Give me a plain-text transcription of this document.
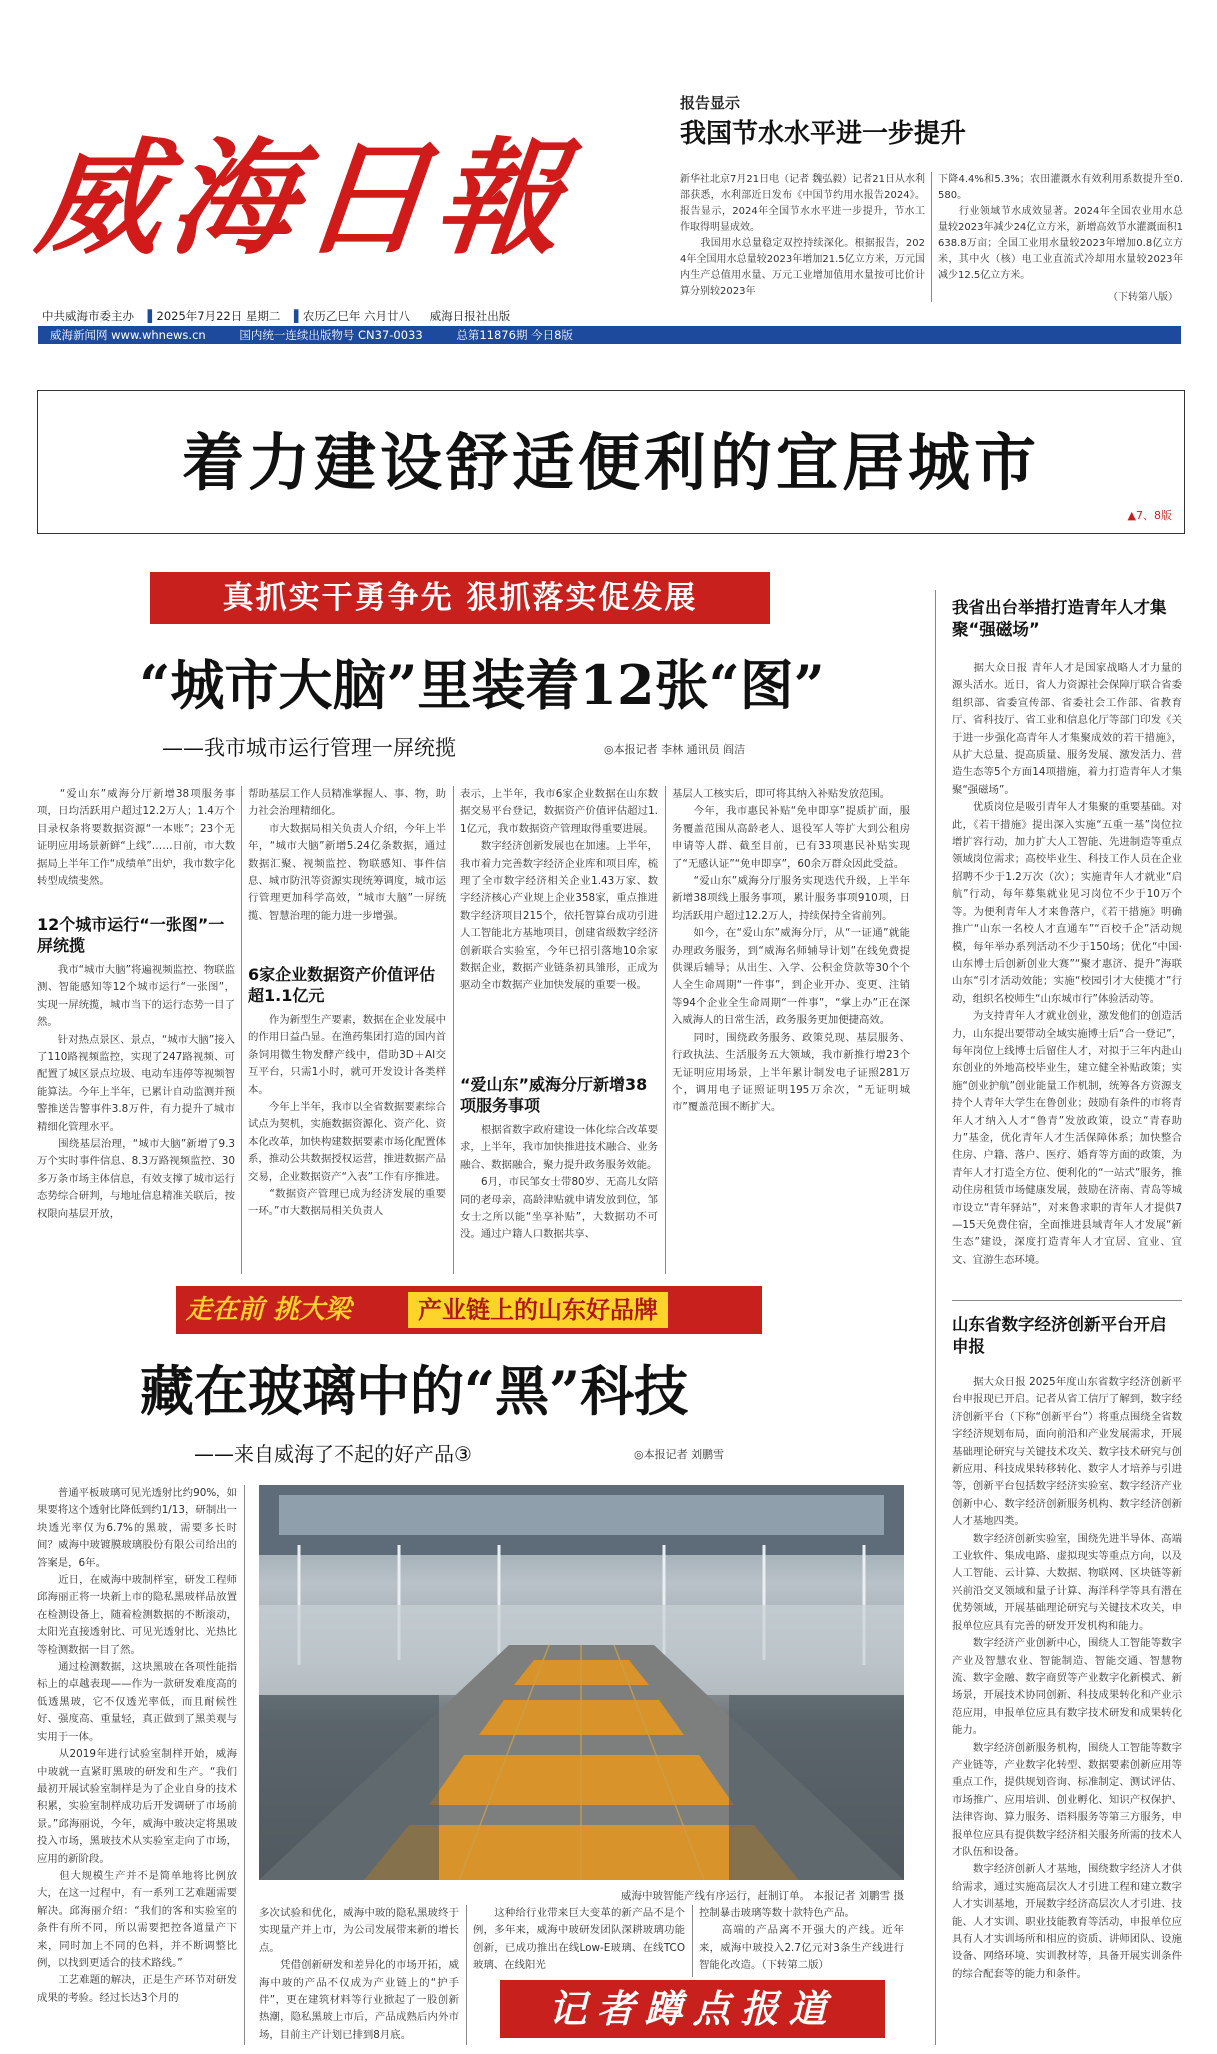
威海日報
报告显示
我国节水水平进一步提升
新华社北京7月21日电（记者 魏弘毅）记者21日从水利部获悉，水利部近日发布《中国节约用水报告2024》。报告显示，2024年全国节水水平进一步提升，节水工作取得明显成效。
　　我国用水总量稳定双控持续深化。根据报告，2024年全国用水总量较2023年增加21.5亿立方米，万元国内生产总值用水量、万元工业增加值用水量按可比价计算分别较2023年
下降4.4%和5.3%；农田灌溉水有效利用系数提升至0.580。
　　行业领域节水成效显著。2024年全国农业用水总量较2023年减少24亿立方米，新增高效节水灌溉面积1638.8万亩；全国工业用水量较2023年增加0.8亿立方米，其中火（核）电工业直流式冷却用水量较2023年减少12.5亿立方米。
（下转第八版）
中共威海市委主办 ▌2025年7月22日 星期二 ▌农历乙巳年 六月廿八 威海日报社出版
威海新闻网 www.whnews.cn	国内统一连续出版物号 CN37-0033	总第11876期 今日8版
着力建设舒适便利的宜居城市
▲7、8版
真抓实干勇争先 狠抓落实促发展
“城市大脑”里装着12张“图”
——我市城市运行管理一屏统揽	◎本报记者 李林 通讯员 阎洁
　　“爱山东”威海分厅新增38项服务事项，日均活跃用户超过12.2万人；1.4万个目录权条将要数据资源“一本账”；23个无证明应用场景新鲜“上线”……日前，市大数据局上半年工作“成绩单”出炉，我市数字化转型成绩斐然。
12个城市运行“一张图”一屏统揽
　　我市“城市大脑”将遍视频监控、物联监测、智能感知等12个城市运行“一张图”，实现一屏统揽，城市当下的运行态势一目了然。
　　针对热点景区、景点，“城市大脑”接入了110路视频监控，实现了247路视频、可配置了城区景点垃圾、电动车违停等视频智能算法。今年上半年，已累计自动监测并预警推送告警事件3.8万件，有力提升了城市精细化管理水平。
　　围绕基层治理，“城市大脑”新增了9.3万个实时事件信息、8.3万路视频监控、30多万条市场主体信息，有效支撑了城市运行态势综合研判，与地址信息精准关联后，按权限向基层开放，
帮助基层工作人员精准掌握人、事、物，助力社会治理精细化。
　　市大数据局相关负责人介绍，今年上半年，“城市大脑”新增5.24亿条数据，通过数据汇聚、视频监控、物联感知、事件信息、城市防汛等资源实现统筹调度，城市运行管理更加科学高效，“城市大脑”一屏统揽、智慧治理的能力进一步增强。
6家企业数据资产价值评估超1.1亿元
　　作为新型生产要素，数据在企业发展中的作用日益凸显。在渔药集团打造的国内首条饲用微生物发酵产线中，借助3D＋AI交互平台，只需1小时，就可开发设计各类样本。
　　今年上半年，我市以全省数据要素综合试点为契机，实施数据资源化、资产化、资本化改革，加快构建数据要素市场化配置体系，推动公共数据授权运营，推进数据产品交易，企业数据资产“入表”工作有序推进。
　　“数据资产管理已成为经济发展的重要一环。”市大数据局相关负责人
表示，上半年，我市6家企业数据在山东数据交易平台登记，数据资产价值评估超过1.1亿元，我市数据资产管理取得重要进展。
　　数字经济创新发展也在加速。上半年，我市着力完善数字经济企业库和项目库，梳理了全市数字经济相关企业1.43万家、数字经济核心产业规上企业358家，重点推进数字经济项目215个，依托智算台成功引进人工智能北方基地项目，创建省级数字经济创新联合实验室，今年已招引落地10余家数据企业，数据产业链条初具雏形，正成为驱动全市数据产业加快发展的重要一极。
“爱山东”威海分厅新增38项服务事项
　　根据省数字政府建设一体化综合改革要求，上半年，我市加快推进技术融合、业务融合、数据融合，聚力提升政务服务效能。
　　6月，市民邹女士带80岁、无高儿女陪同的老母亲，高龄津贴就申请发放到位，邹女士之所以能“坐享补贴”，大数据功不可没。通过户籍人口数据共享、
基层人工核实后，即可将其纳入补贴发放范围。
　　今年，我市惠民补贴“免申即享”提质扩面，服务覆盖范围从高龄老人、退役军人等扩大到公租房申请等人群、截至目前，已有33项惠民补贴实现了“无感认证”“免申即享”，60余万群众因此受益。
　　“爱山东”威海分厅服务实现迭代升级，上半年新增38项线上服务事项，累计服务事项910项，日均活跃用户超过12.2万人，持续保持全省前列。
　　如今，在“爱山东”威海分厅，从“一证通”就能办理政务服务，到“威海名师辅导计划”在线免费提供课后辅导；从出生、入学、公积金贷款等30个个人全生命周期“一件事”，到企业开办、变更、注销等94个企业全生命周期“一件事”，“掌上办”正在深入威海人的日常生活，政务服务更加便捷高效。
　　同时，围绕政务服务、政策兑现、基层服务、行政执法、生活服务五大领域，我市新推行增23个无证明应用场景，上半年累计制发电子证照281万个，调用电子证照证明195万余次，“无证明城市”覆盖范围不断扩大。
走在前 挑大梁	产业链上的山东好品牌
藏在玻璃中的“黑”科技
——来自威海了不起的好产品③	◎本报记者 刘鹏雪
　　普通平板玻璃可见光透射比约90%，如果要将这个透射比降低到约1/13，研制出一块透光率仅为6.7%的黑玻，需要多长时间？威海中玻镀膜玻璃股份有限公司给出的答案是，6年。
　　近日，在威海中玻制样室，研发工程师邱海丽正将一块新上市的隐私黑玻样品放置在检测设备上，随着检测数据的不断滚动，太阳光直接透射比、可见光透射比、光热比等检测数据一目了然。
　　通过检测数据，这块黑玻在各项性能指标上的卓越表现——作为一款研发难度高的低透黑玻，它不仅透光率低，而且耐候性好、强度高、重量轻，真正做到了黑美观与实用于一体。
　　从2019年进行试验室制样开始，威海中玻就一直紧盯黑玻的研发和生产。“我们最初开展试验室制样是为了企业自身的技术积累，实验室制样成功后开发调研了市场前景。”邱海丽说，今年，威海中玻决定将黑玻投入市场，黑玻技术从实验室走向了市场，应用的新阶段。
　　但大规模生产并不是简单地将比例放大，在这一过程中，有一系列工艺难题需要解决。邱海丽介绍：“我们的客和实验室的条件有所不同，所以需要把控各道量产下来，同时加上不同的色料，并不断调整比例，以找到更适合的技术路线。”
　　工艺难题的解决，正是生产环节对研发成果的考验。经过长达3个月的
威海中玻智能产线有序运行，赶制订单。 本报记者 刘鹏雪 摄
多次试验和优化，威海中玻的隐私黑玻终于实现量产并上市，为公司发展带来新的增长点。
　　凭借创新研发和差异化的市场开拓，威海中玻的产品不仅成为产业链上的“护手伴”，更在建筑材料等行业掀起了一股创新热潮，隐私黑玻上市后，产品成熟后内外市场，目前主产计划已排到8月底。
　　这种给行业带来巨大变革的新产品不是个例，多年来，威海中玻研发团队深耕玻璃功能创新，已成功推出在线Low-E玻璃、在线TCO玻璃、在线阳光
控制暴击玻璃等数十款特色产品。
　　高端的产品离不开强大的产线。近年来，威海中玻投入2.7亿元对3条生产线进行智能化改造。（下转第二版）
记者蹲点报道
我省出台举措打造青年人才集聚“强磁场”
　　据大众日报 青年人才是国家战略人才力量的源头活水。近日，省人力资源社会保障厅联合省委组织部、省委宣传部、省委社会工作部、省教育厅、省科技厅、省工业和信息化厅等部门印发《关于进一步强化高青年人才集聚成效的若干措施》，从扩大总量、提高质量、服务发展、激发活力、营造生态等5个方面14项措施，着力打造青年人才集聚“强磁场”。
　　优质岗位是吸引青年人才集聚的重要基础。对此，《若干措施》提出深入实施“五重一基”岗位拉增扩容行动，加力扩大人工智能、先进制造等重点领域岗位需求；高校毕业生、科技工作人员在企业招聘不少于1.2万次（次）；实施青年人才就业“启航”行动，每年募集就业见习岗位不少于10万个等。为便利青年人才来鲁落户，《若干措施》明确推广“山东一名校人才直通车”“百校千企”活动规模，每年举办系列活动不少于150场；优化“中国·山东博士后创新创业大赛”“聚才惠济、提升”海联山东“引才活动效能；实施“校园引才大使揽才”行动，组织名校师生“山东城市行”体验活动等。
　　为支持青年人才就业创业，激发他们的创造活力，山东提出要带动全域实施博士后“合一登记”，每年岗位上线博士后留住人才，对拟于三年内赴山东创业的外地高校毕业生，建立健全补贴政策；实施“创业护航”创业能量工作机制，统筹各方资源支持个人青年大学生在鲁创业；鼓励有条件的市将青年人才纳入人才“鲁青”发放政策，设立“青春助力”基金，优化青年人才生活保障体系；加快整合住房、户籍、落户、医疗、婚育等方面的政策，为青年人才打造全方位、便利化的“一站式”服务，推动住房租赁市场健康发展，鼓励在济南、青岛等城市设立“青年驿站”，对来鲁求职的青年人才提供7—15天免费住宿，全面推进县域青年人才发展“新生态”建设，深度打造青年人才宜居、宜业、宜文、宜游生态环境。
山东省数字经济创新平台开启申报
　　据大众日报 2025年度山东省数字经济创新平台申报现已开启。记者从省工信厅了解到，数字经济创新平台（下称“创新平台”）将重点围绕全省数字经济规划布局，面向前沿和产业发展需求，开展基础理论研究与关键技术攻关、数字技术研究与创新应用、科技成果转移转化、数字人才培养与引进等，创新平台包括数字经济实验室、数字经济产业创新中心、数字经济创新服务机构、数字经济创新人才基地四类。
　　数字经济创新实验室，围绕先进半导体、高端工业软件、集成电路、虚拟现实等重点方向，以及人工智能、云计算、大数据、物联网、区块链等新兴前沿交叉领域和量子计算、海洋科学等具有潜在优势领域，开展基础理论研究与关键技术攻关，申报单位应具有完善的研发开发机构和能力。
　　数字经济产业创新中心，围绕人工智能等数字产业及智慧农业、智能制造、智能交通、智慧物流、数字金融、数字商贸等产业数字化新模式、新场景，开展技术协同创新、科技成果转化和产业示范应用，申报单位应具有数字技术研发和成果转化能力。
　　数字经济创新服务机构，围绕人工智能等数字产业链等，产业数字化转型、数据要素创新应用等重点工作，提供规划咨询、标准制定、测试评估、市场推广、应用培训、创业孵化、知识产权保护、法律咨询、算力服务、语料服务等第三方服务，申报单位应具有提供数字经济相关服务所需的技术人才队伍和设备。
　　数字经济创新人才基地，围绕数字经济人才供给需求，通过实施高层次人才引进工程和建立数字人才实训基地，开展数字经济高层次人才引进、技能、人才实训、职业技能教育等活动，申报单位应具有人才实训场所和相应的资质、讲师团队、设施设备、网络环境、实训教材等，具备开展实训条件的综合配套等的能力和条件。
